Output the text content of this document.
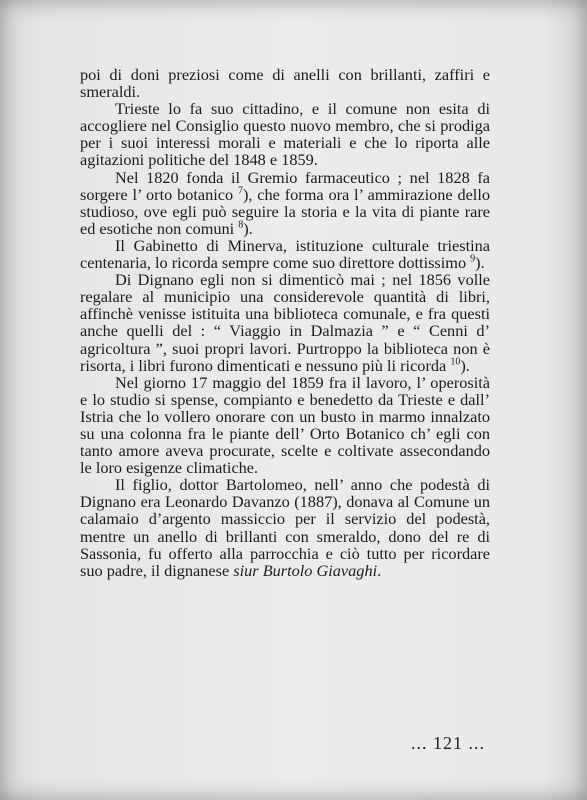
poi di doni preziosi come di anelli con brillanti, zaffiri e smeraldi.

Trieste lo fa suo cittadino, e il comune non esita di accogliere nel Consiglio questo nuovo membro, che si prodiga per i suoi interessi morali e materiali e che lo riporta alle agitazioni politiche del 1848 e 1859.

Nel 1820 fonda il Gremio farmaceutico ; nel 1828 fa sorgere l’ orto botanico $^7$), che forma ora l’ ammirazione dello studioso, ove egli può seguire la storia e la vita di piante rare ed esotiche non comuni $^8$).

Il Gabinetto di Minerva, istituzione culturale triestina centenaria, lo ricorda sempre come suo direttore dottissimo $^9$).

Di Dignano egli non si dimenticò mai ; nel 1856 volle regalare al municipio una considerevole quantità di libri, affinchè venisse istituita una biblioteca comunale, e fra questi anche quelli del : “ Viaggio in Dalmazia ” e “ Cenni d’ agricoltura ”, suoi propri lavori. Purtroppo la biblioteca non è risorta, i libri furono dimenticati e nessuno più li ricorda $^{10}$).

Nel giorno 17 maggio del 1859 fra il lavoro, l’ operosità e lo studio si spense, compianto e benedetto da Trieste e dall’ Istria che lo vollero onorare con un busto in marmo innalzato su una colonna fra le piante dell’ Orto Botanico ch’ egli con tanto amore aveva procurate, scelte e coltivate assecondando le loro esigenze climatiche.

Il figlio, dottor Bartolomeo, nell’ anno che podestà di Dignano era Leonardo Davanzo (1887), donava al Comune un calamaio d’argento massiccio per il servizio del podestà, mentre un anello di brillanti con smeraldo, dono del re di Sassonia, fu offerto alla parrocchia e ciò tutto per ricordare suo padre, il dignanese siur Burtolo Giavaghi.

... 121 ...
